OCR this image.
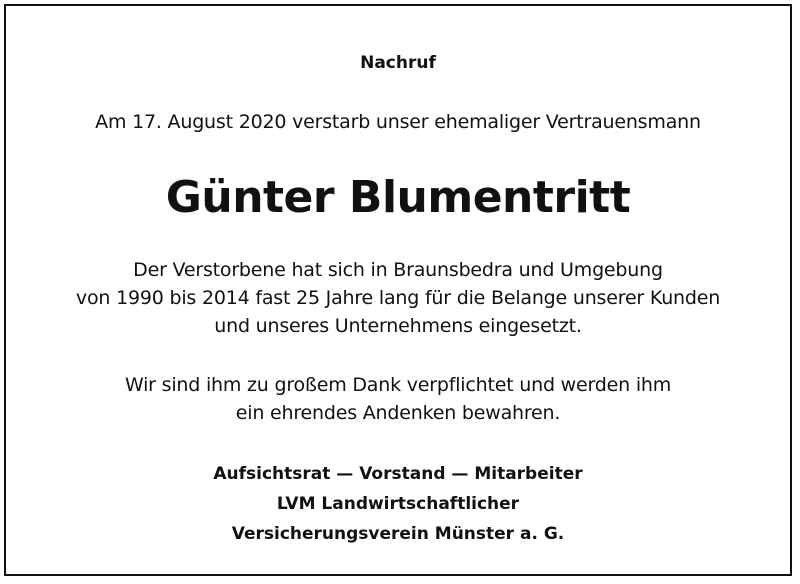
Nachruf
Am 17. August 2020 verstarb unser ehemaliger Vertrauensmann
Günter Blumentritt
Der Verstorbene hat sich in Braunsbedra und Umgebung
von 1990 bis 2014 fast 25 Jahre lang für die Belange unserer Kunden
und unseres Unternehmens eingesetzt.
Wir sind ihm zu großem Dank verpflichtet und werden ihm
ein ehrendes Andenken bewahren.
Aufsichtsrat — Vorstand — Mitarbeiter
LVM Landwirtschaftlicher
Versicherungsverein Münster a. G.
